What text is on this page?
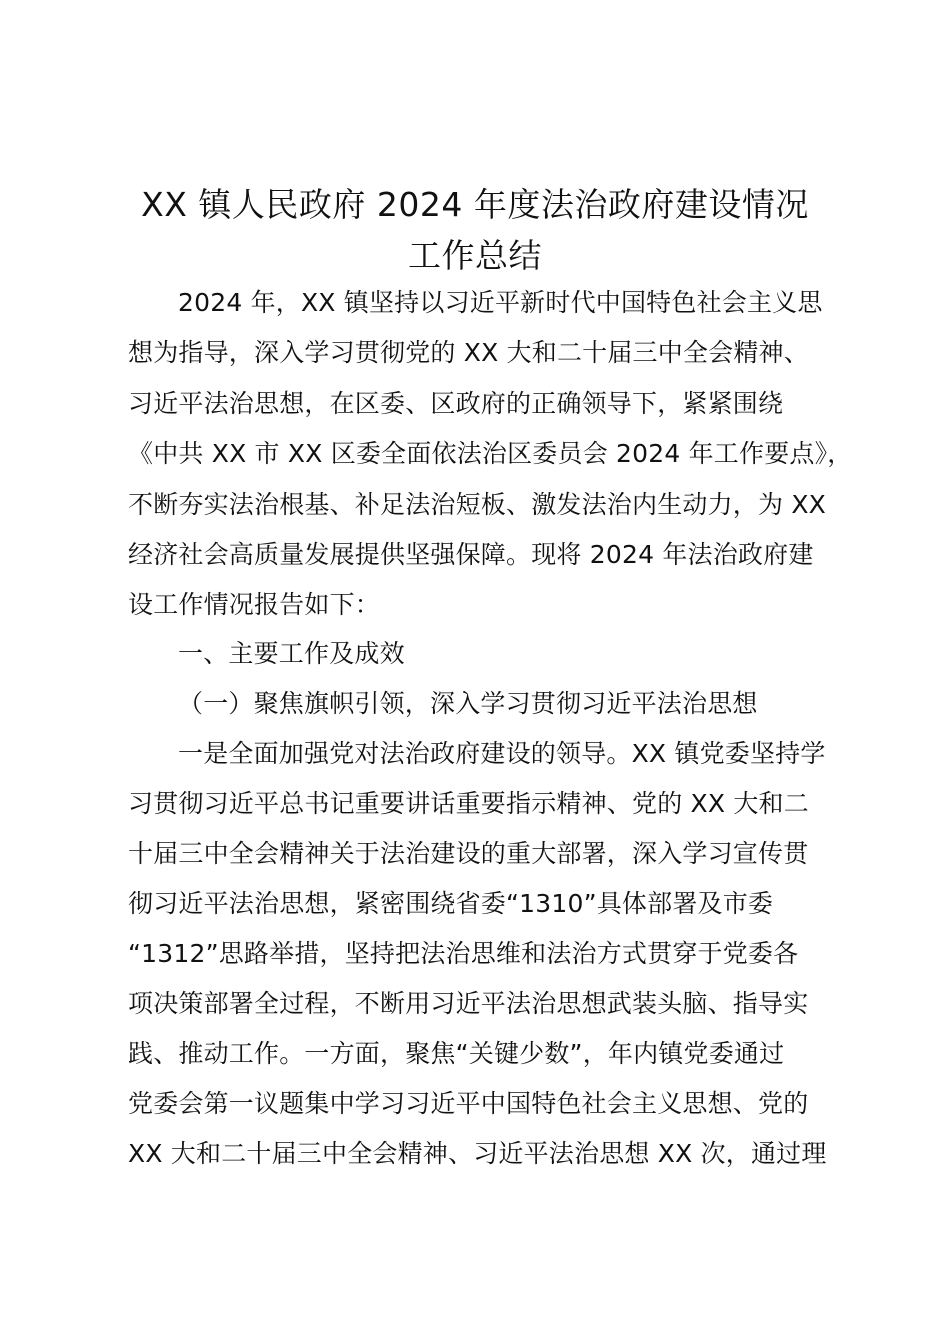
XX 镇人民政府 2024 年度法治政府建设情况
工作总结
2024 年，XX 镇坚持以习近平新时代中国特色社会主义思
想为指导，深入学习贯彻党的 XX 大和二十届三中全会精神、
习近平法治思想，在区委、区政府的正确领导下，紧紧围绕
《中共 XX 市 XX 区委全面依法治区委员会 2024 年工作要点》，
不断夯实法治根基、补足法治短板、激发法治内生动力，为 XX
经济社会高质量发展提供坚强保障。现将 2024 年法治政府建
设工作情况报告如下：
一、主要工作及成效
（一）聚焦旗帜引领，深入学习贯彻习近平法治思想
一是全面加强党对法治政府建设的领导。XX 镇党委坚持学
习贯彻习近平总书记重要讲话重要指示精神、党的 XX 大和二
十届三中全会精神关于法治建设的重大部署，深入学习宣传贯
彻习近平法治思想，紧密围绕省委“1310”具体部署及市委
“1312”思路举措，坚持把法治思维和法治方式贯穿于党委各
项决策部署全过程，不断用习近平法治思想武装头脑、指导实
践、推动工作。一方面，聚焦“关键少数”，年内镇党委通过
党委会第一议题集中学习习近平中国特色社会主义思想、党的
XX 大和二十届三中全会精神、习近平法治思想 XX 次，通过理
